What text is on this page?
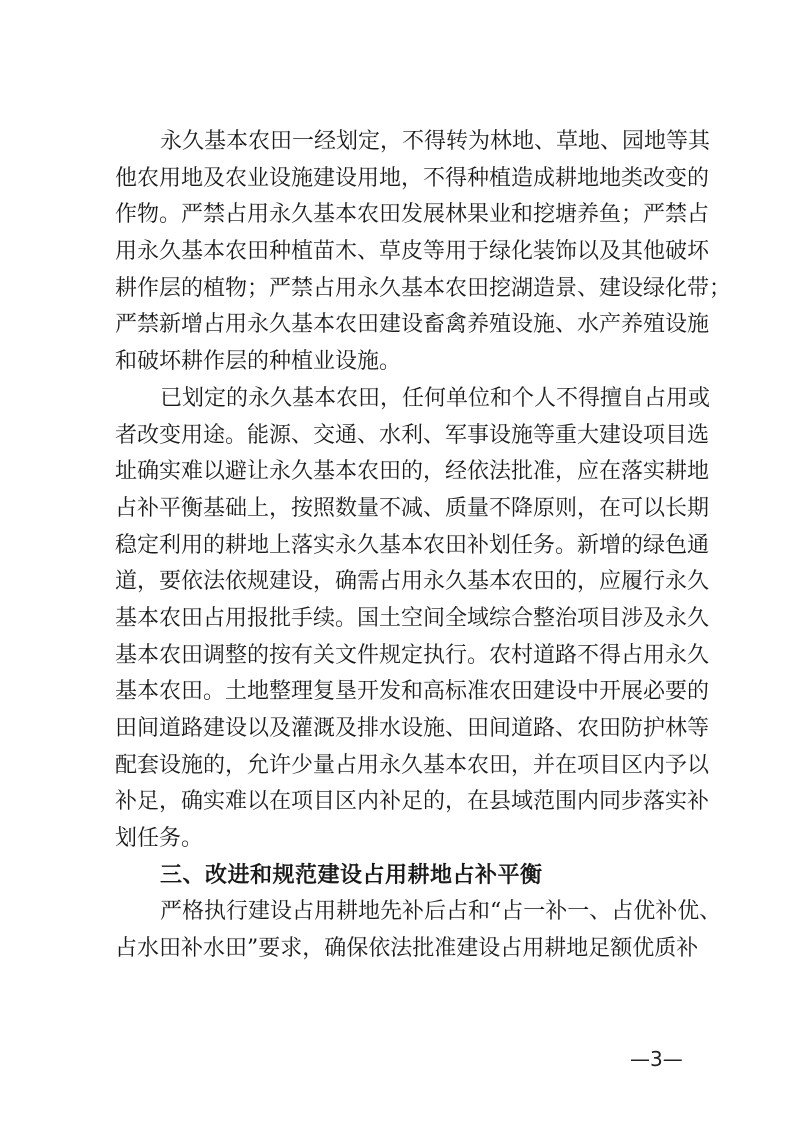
永久基本农田一经划定，不得转为林地、草地、园地等其
他农用地及农业设施建设用地，不得种植造成耕地地类改变的
作物。严禁占用永久基本农田发展林果业和挖塘养鱼；严禁占
用永久基本农田种植苗木、草皮等用于绿化装饰以及其他破坏
耕作层的植物；严禁占用永久基本农田挖湖造景、建设绿化带；
严禁新增占用永久基本农田建设畜禽养殖设施、水产养殖设施
和破坏耕作层的种植业设施。
已划定的永久基本农田，任何单位和个人不得擅自占用或
者改变用途。能源、交通、水利、军事设施等重大建设项目选
址确实难以避让永久基本农田的，经依法批准，应在落实耕地
占补平衡基础上，按照数量不减、质量不降原则，在可以长期
稳定利用的耕地上落实永久基本农田补划任务。新增的绿色通
道，要依法依规建设，确需占用永久基本农田的，应履行永久
基本农田占用报批手续。国土空间全域综合整治项目涉及永久
基本农田调整的按有关文件规定执行。农村道路不得占用永久
基本农田。土地整理复垦开发和高标准农田建设中开展必要的
田间道路建设以及灌溉及排水设施、田间道路、农田防护林等
配套设施的，允许少量占用永久基本农田，并在项目区内予以
补足，确实难以在项目区内补足的，在县域范围内同步落实补
划任务。
三、改进和规范建设占用耕地占补平衡
严格执行建设占用耕地先补后占和“占一补一、占优补优、
占水田补水田”要求，确保依法批准建设占用耕地足额优质补
—3—
